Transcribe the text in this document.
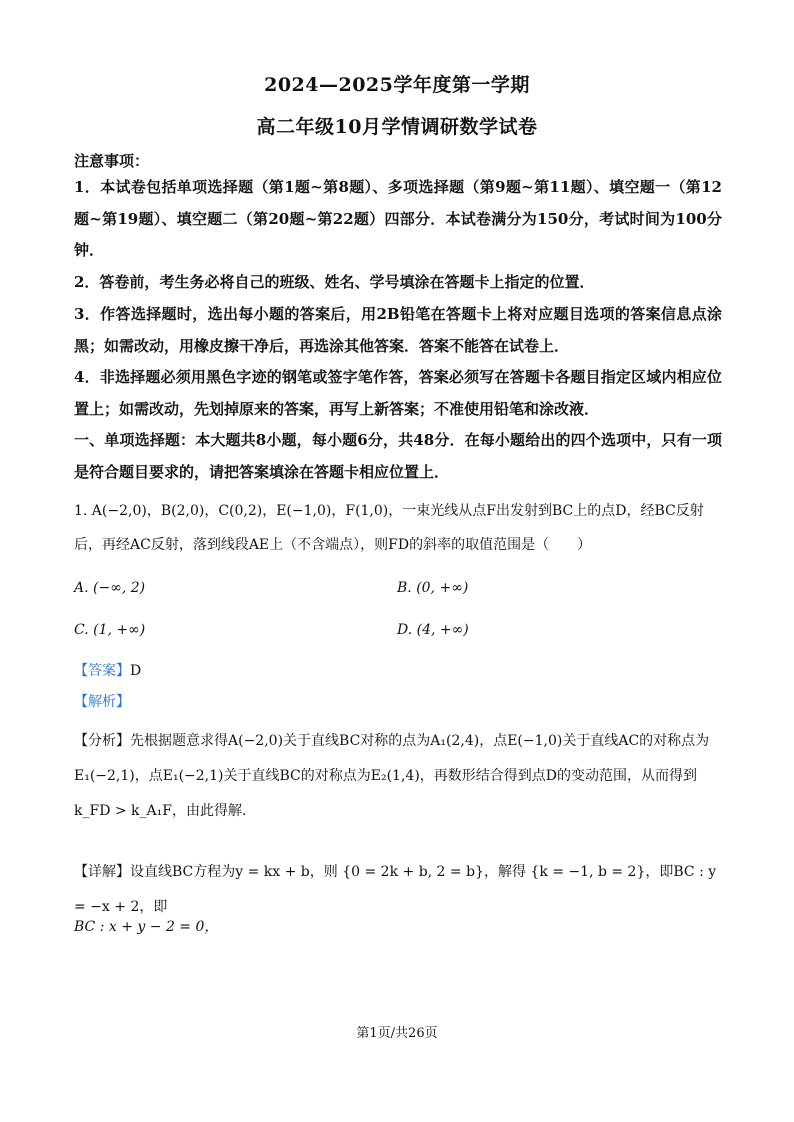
2024—2025学年度第一学期
高二年级10月学情调研数学试卷
注意事项：

1．本试卷包括单项选择题（第1题~第8题）、多项选择题（第9题~第11题）、填空题一（第12题~第19题）、填空题二（第20题~第22题）四部分．本试卷满分为150分，考试时间为100分钟．

2．答卷前，考生务必将自己的班级、姓名、学号填涂在答题卡上指定的位置．

3．作答选择题时，选出每小题的答案后，用2B铅笔在答题卡上将对应题目选项的答案信息点涂黑；如需改动，用橡皮擦干净后，再选涂其他答案．答案不能答在试卷上．

4．非选择题必须用黑色字迹的钢笔或签字笔作答，答案必须写在答题卡各题目指定区域内相应位置上；如需改动，先划掉原来的答案，再写上新答案；不准使用铅笔和涂改液．

一、单项选择题：本大题共8小题，每小题6分，共48分．在每小题给出的四个选项中，只有一项是符合题目要求的，请把答案填涂在答题卡相应位置上．

1. A(−2,0)，B(2,0)，C(0,2)，E(−1,0)，F(1,0)，一束光线从点F出发射到BC上的点D，经BC反射后，再经AC反射，落到线段AE上（不含端点），则FD的斜率的取值范围是（　　）

A. (−∞, 2)	B. (0, +∞)
C. (1, +∞)	D. (4, +∞)
【答案】D
【解析】

【分析】先根据题意求得A(−2,0)关于直线BC对称的点为A₁(2,4)，点E(−1,0)关于直线AC的对称点为E₁(−2,1)，点E₁(−2,1)关于直线BC的对称点为E₂(1,4)，再数形结合得到点D的变动范围，从而得到k_FD > k_A₁F，由此得解.

【详解】设直线BC方程为y = kx + b，则 {0 = 2k + b, 2 = b}，解得 {k = −1, b = 2}，即BC : y = −x + 2，即

BC : x + y − 2 = 0，

第1页/共26页
